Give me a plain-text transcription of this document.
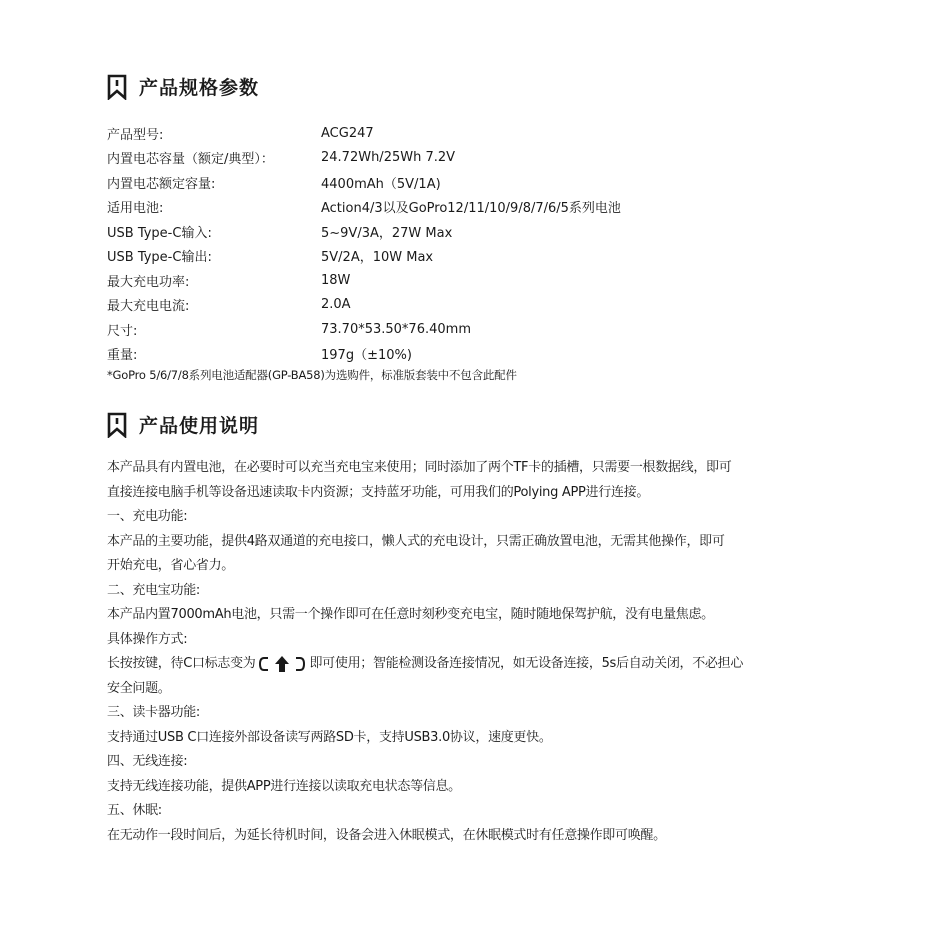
产品规格参数
产品型号:	ACG247
内置电芯容量（额定/典型）：	24.72Wh/25Wh 7.2V
内置电芯额定容量:	4400mAh（5V/1A)
适用电池:	Action4/3以及GoPro12/11/10/9/8/7/6/5系列电池
USB Type-C输入:	5~9V/3A，27W Max
USB Type-C输出:	5V/2A，10W Max
最大充电功率:	18W
最大充电电流:	2.0A
尺寸:	73.70*53.50*76.40mm
重量:	197g（±10%)
*GoPro 5/6/7/8系列电池适配器(GP-BA58)为选购件，标准版套装中不包含此配件
产品使用说明
本产品具有内置电池，在必要时可以充当充电宝来使用；同时添加了两个TF卡的插槽，只需要一根数据线，即可
直接连接电脑手机等设备迅速读取卡内资源；支持蓝牙功能，可用我们的Polying APP进行连接。
一、充电功能:
本产品的主要功能，提供4路双通道的充电接口，懒人式的充电设计，只需正确放置电池，无需其他操作，即可
开始充电，省心省力。
二、充电宝功能:
本产品内置7000mAh电池，只需一个操作即可在任意时刻秒变充电宝，随时随地保驾护航，没有电量焦虑。
具体操作方式:
长按按键，待C口标志变为	即可使用；智能检测设备连接情况，如无设备连接，5s后自动关闭，不必担心
安全问题。
三、读卡器功能:
支持通过USB C口连接外部设备读写两路SD卡，支持USB3.0协议，速度更快。
四、无线连接:
支持无线连接功能，提供APP进行连接以读取充电状态等信息。
五、休眠:
在无动作一段时间后，为延长待机时间，设备会进入休眠模式，在休眠模式时有任意操作即可唤醒。
